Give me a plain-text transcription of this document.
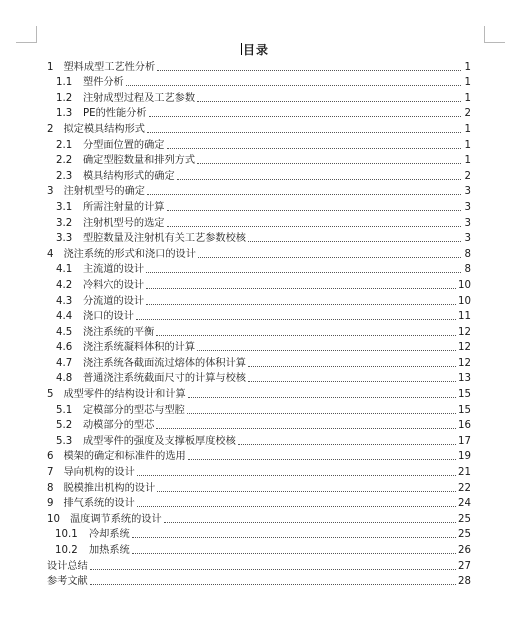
目录
1 塑料成型工艺性分析	1
1.1 塑件分析	1
1.2 注射成型过程及工艺参数	1
1.3 PE的性能分析	2
2 拟定模具结构形式	1
2.1 分型面位置的确定	1
2.2 确定型腔数量和排列方式	1
2.3 模具结构形式的确定	2
3 注射机型号的确定	3
3.1 所需注射量的计算	3
3.2 注射机型号的选定	3
3.3 型腔数量及注射机有关工艺参数校核	3
4 浇注系统的形式和浇口的设计	8
4.1 主流道的设计	8
4.2 冷料穴的设计	10
4.3 分流道的设计	10
4.4 浇口的设计	11
4.5 浇注系统的平衡	12
4.6 浇注系统凝料体积的计算	12
4.7 浇注系统各截面流过熔体的体积计算	12
4.8 普通浇注系统截面尺寸的计算与校核	13
5 成型零件的结构设计和计算	15
5.1 定模部分的型芯与型腔	15
5.2 动模部分的型芯	16
5.3 成型零件的强度及支撑板厚度校核	17
6 模架的确定和标准件的选用	19
7 导向机构的设计	21
8 脱模推出机构的设计	22
9 排气系统的设计	24
10 温度调节系统的设计	25
10.1	冷却系统	25
10.2	加热系统	26
设计总结	27
参考文献	28
